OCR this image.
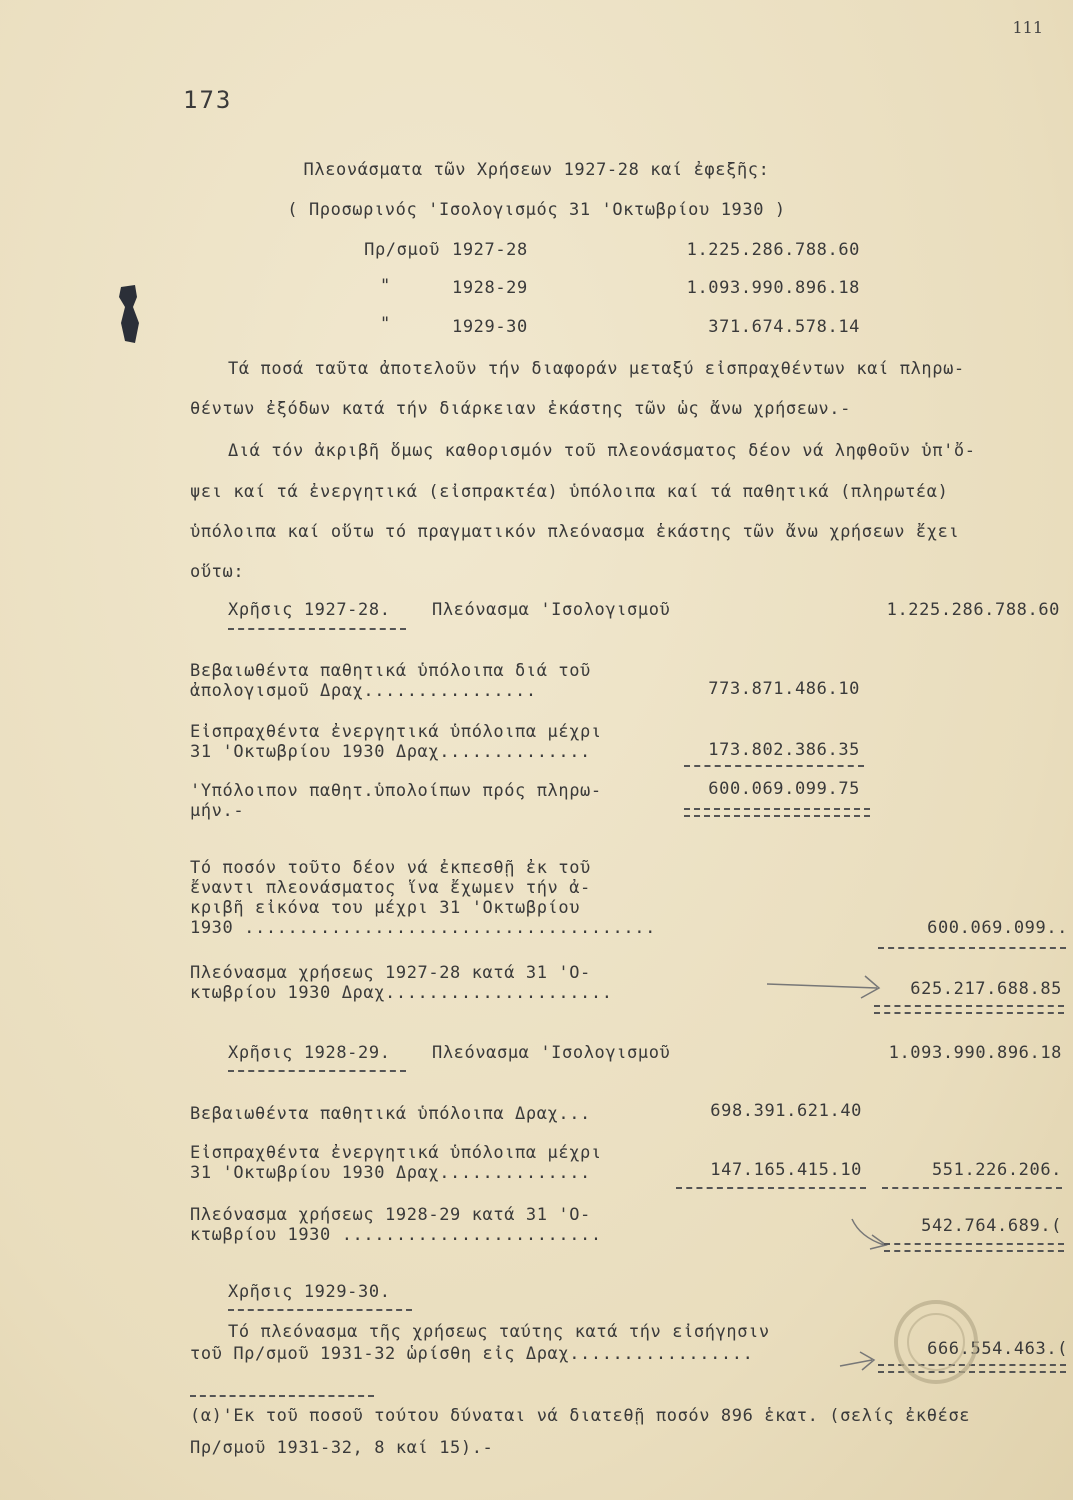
111
173
Πλεονάσματα τῶν Χρήσεων 1927-28 καί ἐφεξῆς:
( Προσωρινός 'Ισολογισμός 31 'Οκτωβρίου 1930 )
Πρ/σμοῦ 1927-28	1.225.286.788.60
"	1928-29	1.093.990.896.18
"	1929-30	371.674.578.14
Τά ποσά ταῦτα ἀποτελοῦν τήν διαφοράν μεταξύ εἰσπραχθέντων καί πληρω-
θέντων ἐξόδων κατά τήν διάρκειαν ἑκάστης τῶν ὡς ἄνω χρήσεων.-
Διά τόν ἀκριβῆ ὅμως καθορισμόν τοῦ πλεονάσματος δέον νά ληφθοῦν ὑπ'ὄ-
ψει καί τά ἐνεργητικά (εἰσπρακτέα) ὑπόλοιπα καί τά παθητικά (πληρωτέα)
ὑπόλοιπα καί οὕτω τό πραγματικόν πλεόνασμα ἑκάστης τῶν ἄνω χρήσεων ἔχει
οὕτω:
Χρῆσις 1927-28. Πλεόνασμα 'Ισολογισμοῦ	1.225.286.788.60
Βεβαιωθέντα παθητικά ὑπόλοιπα διά τοῦ
ἀπολογισμοῦ Δραχ................	773.871.486.10
Εἰσπραχθέντα ἐνεργητικά ὑπόλοιπα μέχρι
31 'Οκτωβρίου 1930 Δραχ..............	173.802.386.35
'Υπόλοιπον παθητ.ὑπολοίπων πρός πληρω-
μήν.-
600.069.099.75
Τό ποσόν τοῦτο δέον νά ἐκπεσθῇ ἐκ τοῦ
ἔναντι πλεονάσματος ἵνα ἔχωμεν τήν ἀ-
κριβῆ εἰκόνα του μέχρι 31 'Οκτωβρίου
1930 ......................................	600.069.099..
Πλεόνασμα χρήσεως 1927-28 κατά 31 'Ο-
κτωβρίου 1930 Δραχ.....................	625.217.688.85
Χρῆσις 1928-29. Πλεόνασμα 'Ισολογισμοῦ	1.093.990.896.18
Βεβαιωθέντα παθητικά ὑπόλοιπα Δραχ...	698.391.621.40
Εἰσπραχθέντα ἐνεργητικά ὑπόλοιπα μέχρι
31 'Οκτωβρίου 1930 Δραχ..............	147.165.415.10	551.226.206.
Πλεόνασμα χρήσεως 1928-29 κατά 31 'Ο-
κτωβρίου 1930 ........................	542.764.689.(
Χρῆσις 1929-30.
Τό πλεόνασμα τῆς χρήσεως ταύτης κατά τήν εἰσήγησιν
τοῦ Πρ/σμοῦ 1931-32 ὡρίσθη εἰς Δραχ.................	666.554.463.(
(α)'Εκ τοῦ ποσοῦ τούτου δύναται νά διατεθῇ ποσόν 896 ἑκατ. (σελίς ἐκθέσε
Πρ/σμοῦ 1931-32, 8 καί 15).-
